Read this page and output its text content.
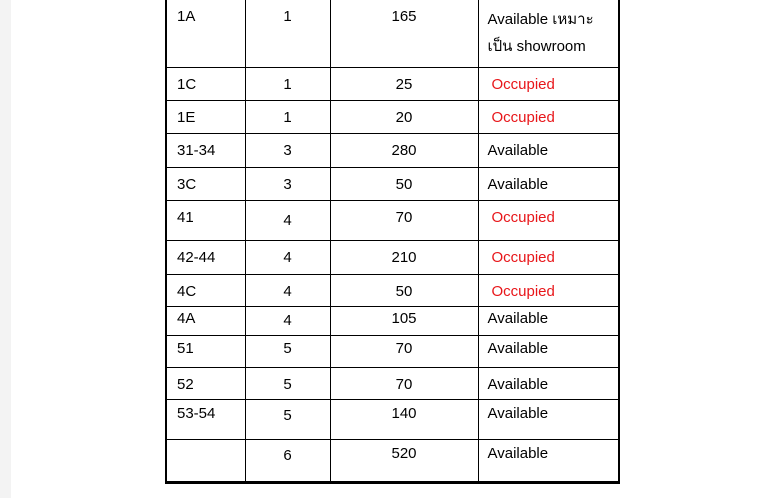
1A	1	165	Available เหมาะ
เป็น showroom

1C	1	25	Occupied

1E	1	20	Occupied

31-34	3	280	Available

3C	3	50	Available

41	4	70	Occupied

42-44	4	210	Occupied

4C	4	50	Occupied

4A	4	105	Available

51	5	70	Available

52	5	70	Available

53-54	5	140	Available

	6	520	Available
